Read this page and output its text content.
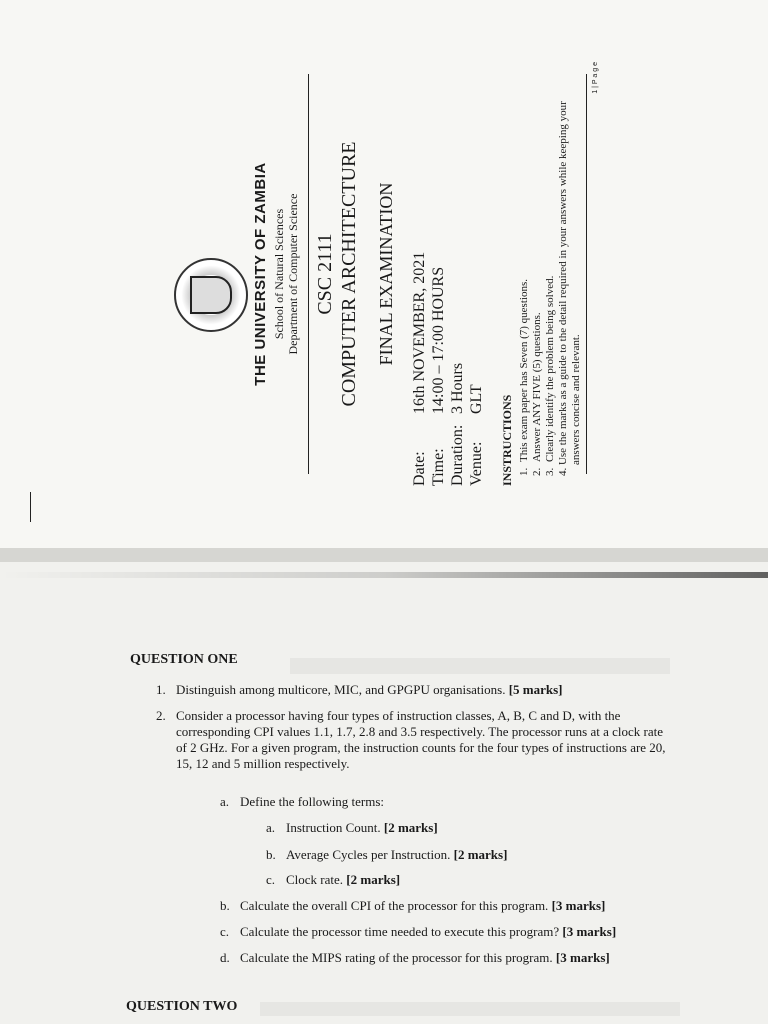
THE UNIVERSITY OF ZAMBIA School of Natural Sciences Department of Computer Science CSC 2111 COMPUTER ARCHITECTURE FINAL EXAMINATION
Date:
16th NOVEMBER, 2021
Time:
14:00 – 17:00 HOURS
Duration:
3 Hours
Venue:
GLT INSTRUCTIONS 1.
This exam paper has Seven (7) questions.
2.
Answer ANY FIVE (5) questions.
3.
Clearly identify the problem being solved.
4.
Use the marks as a guide to the detail required in your answers while keeping your answers concise and relevant.
1 | P a g e
QUESTION ONE
1. Distinguish among multicore, MIC, and GPGPU organisations. [5 marks]
2. Consider a processor having four types of instruction classes, A, B, C and D, with the corresponding CPI values 1.1, 1.7, 2.8 and 3.5 respectively. The processor runs at a clock rate of 2 GHz. For a given program, the instruction counts for the four types of instructions are 20, 15, 12 and 5 million respectively.
a. Define the following terms:
a. Instruction Count. [2 marks]
b. Average Cycles per Instruction. [2 marks]
c. Clock rate. [2 marks]
b. Calculate the overall CPI of the processor for this program. [3 marks]
c. Calculate the processor time needed to execute this program? [3 marks]
d. Calculate the MIPS rating of the processor for this program. [3 marks]
QUESTION TWO
